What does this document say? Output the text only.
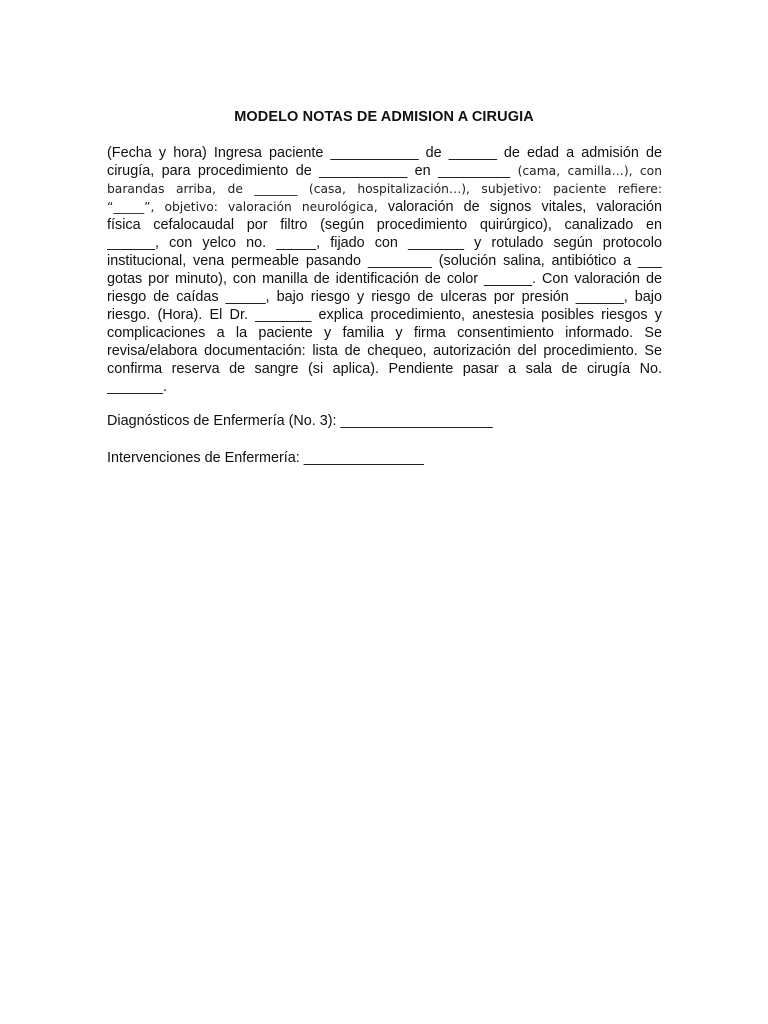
MODELO NOTAS DE ADMISION A CIRUGIA
(Fecha y hora) Ingresa paciente ___________ de ______ de edad a admisión de
cirugía, para procedimiento de ___________ en _________ (cama, camilla…), con
barandas arriba, de _______ (casa, hospitalización…), subjetivo: paciente refiere:
“_____”, objetivo: valoración neurológica, valoración de signos vitales, valoración
física cefalocaudal por filtro (según procedimiento quirúrgico), canalizado en
______, con yelco no. _____, fijado con _______ y rotulado según protocolo
institucional, vena permeable pasando ________ (solución salina, antibiótico a ___
gotas por minuto), con manilla de identificación de color ______. Con valoración de
riesgo de caídas _____, bajo riesgo y riesgo de ulceras por presión ______, bajo
riesgo. (Hora). El Dr. _______ explica procedimiento, anestesia posibles riesgos y
complicaciones a la paciente y familia y firma consentimiento informado. Se
revisa/elabora documentación: lista de chequeo, autorización del procedimiento. Se
confirma reserva de sangre (si aplica). Pendiente pasar a sala de cirugía No.
_______.
Diagnósticos de Enfermería (No. 3): ___________________
Intervenciones de Enfermería: _______________
